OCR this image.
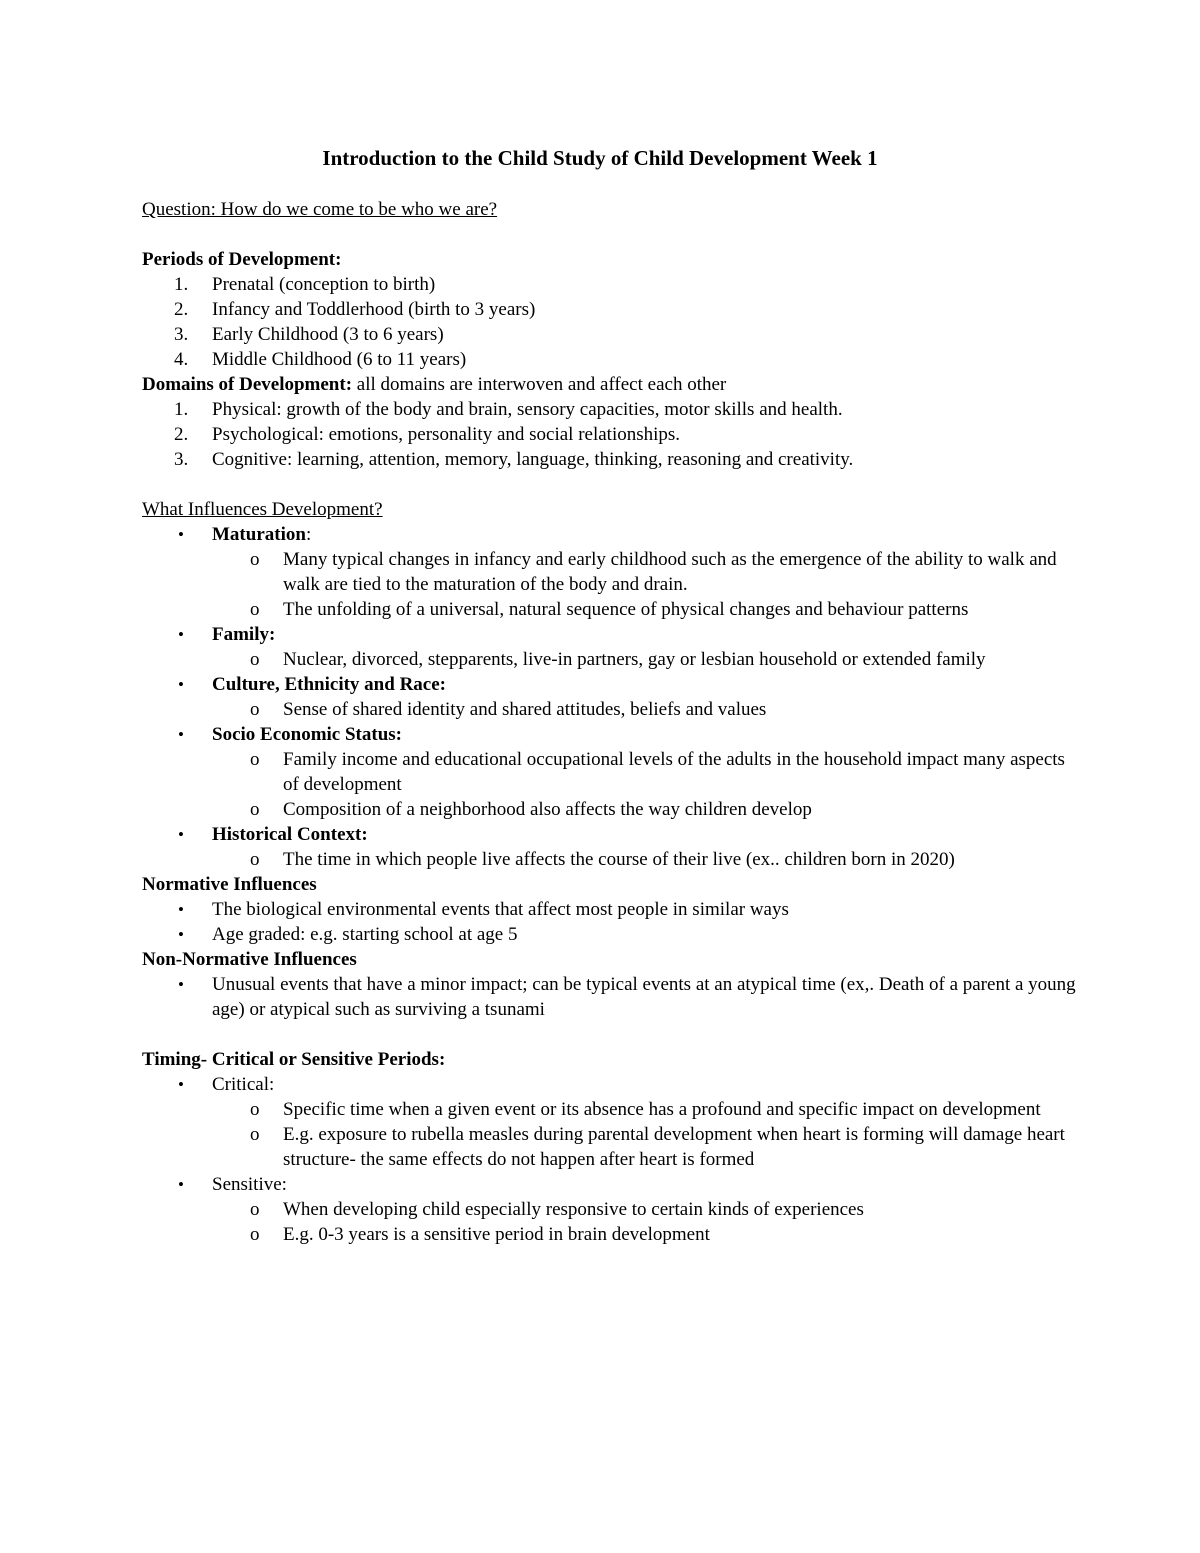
Introduction to the Child Study of Child Development Week 1
Question: How do we come to be who we are?
Periods of Development:
1. Prenatal (conception to birth)
2. Infancy and Toddlerhood (birth to 3 years)
3. Early Childhood (3 to 6 years)
4. Middle Childhood (6 to 11 years)
Domains of Development: all domains are interwoven and affect each other
1. Physical: growth of the body and brain, sensory capacities, motor skills and health.
2. Psychological: emotions, personality and social relationships.
3. Cognitive: learning, attention, memory, language, thinking, reasoning and creativity.
What Influences Development?
• Maturation:
o Many typical changes in infancy and early childhood such as the emergence of the ability to walk and walk are tied to the maturation of the body and drain.
o The unfolding of a universal, natural sequence of physical changes and behaviour patterns
• Family:
o Nuclear, divorced, stepparents, live-in partners, gay or lesbian household or extended family
• Culture, Ethnicity and Race:
o Sense of shared identity and shared attitudes, beliefs and values
• Socio Economic Status:
o Family income and educational occupational levels of the adults in the household impact many aspects of development
o Composition of a neighborhood also affects the way children develop
• Historical Context:
o The time in which people live affects the course of their live (ex.. children born in 2020)
Normative Influences
• The biological environmental events that affect most people in similar ways
• Age graded: e.g. starting school at age 5
Non-Normative Influences
• Unusual events that have a minor impact; can be typical events at an atypical time (ex,. Death of a parent a young age) or atypical such as surviving a tsunami
Timing- Critical or Sensitive Periods:
• Critical:
o Specific time when a given event or its absence has a profound and specific impact on development
o E.g. exposure to rubella measles during parental development when heart is forming will damage heart structure- the same effects do not happen after heart is formed
• Sensitive:
o When developing child especially responsive to certain kinds of experiences
o E.g. 0-3 years is a sensitive period in brain development
